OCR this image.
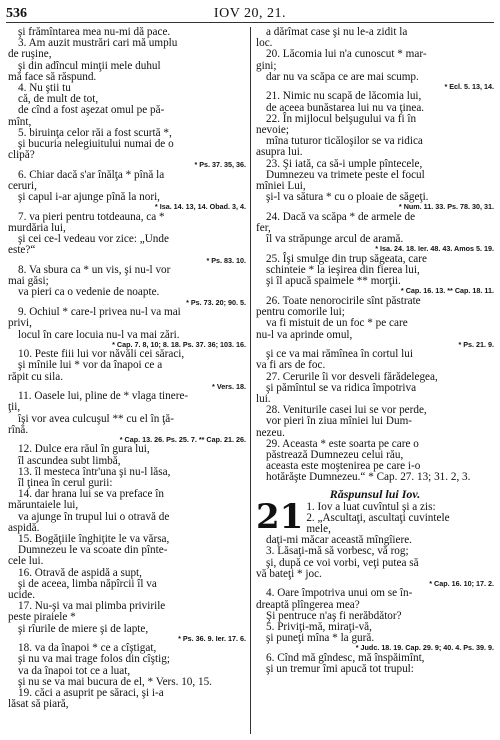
536	IOV 20, 21.
şi frămîntarea mea nu-mi dă pace.
3. Am auzit mustrări cari mă umplu
de ruşine,
şi din adîncul minţii mele duhul
mă face să răspund.
4. Nu ştii tu
că, de mult de tot,
de cînd a fost aşezat omul pe pă-
mînt,
5. biruinţa celor răi a fost scurtă *,
şi bucuria nelegiuitului numai de o
clipă?
* Ps. 37. 35, 36.
6. Chiar dacă s'ar înălţa * pînă la
ceruri,
şi capul i-ar ajunge pînă la nori,
* Isa. 14. 13, 14. Obad. 3, 4.
7. va pieri pentru totdeauna, ca *
murdăria lui,
şi cei ce-l vedeau vor zice: „Unde
este?“
* Ps. 83. 10.
8. Va sbura ca * un vis, şi nu-l vor
mai găsi;
va pieri ca o vedenie de noapte.
* Ps. 73. 20; 90. 5.
9. Ochiul * care-l privea nu-l va mai
privi,
locul în care locuia nu-l va mai zări.
* Cap. 7. 8, 10; 8. 18. Ps. 37. 36; 103. 16.
10. Peste fiii lui vor năvăli cei săraci,
şi mînile lui * vor da înapoi ce a
răpit cu sila.
* Vers. 18.
11. Oasele lui, pline de * vlaga tinere-
ţii,
îşi vor avea culcuşul ** cu el în ţă-
rînă.
* Cap. 13. 26. Ps. 25. 7. ** Cap. 21. 26.
12. Dulce era răul în gura lui,
îl ascundea subt limbă,
13. îl mesteca într'una şi nu-l lăsa,
îl ţinea în cerul gurii:
14. dar hrana lui se va preface în
măruntaiele lui,
va ajunge în trupul lui o otravă de
aspidă.
15. Bogăţiile înghiţite le va vărsa,
Dumnezeu le va scoate din pînte-
cele lui.
16. Otravă de aspidă a supt,
şi de aceea, limba năpîrcii îl va
ucide.
17. Nu-şi va mai plimba privirile
peste piraiele *
şi rîurile de miere şi de lapte,
* Ps. 36. 9. Ier. 17. 6.
18. va da înapoi * ce a cîştigat,
şi nu va mai trage folos din cîştig;
va da înapoi tot ce a luat,
şi nu se va mai bucura de el, * Vers. 10, 15.
19. căci a asuprit pe săraci, şi i-a
lăsat să piară,
a dărîmat case şi nu le-a zidit la
loc.
20. Lăcomia lui n'a cunoscut * mar-
gini;
dar nu va scăpa ce are mai scump.
* Ecl. 5. 13, 14.
21. Nimic nu scapă de lăcomia lui,
de aceea bunăstarea lui nu va ţinea.
22. În mijlocul belşugului va fi în
nevoie;
mîna tuturor ticăloşilor se va ridica
asupra lui.
23. Şi iată, ca să-i umple pîntecele,
Dumnezeu va trimete peste el focul
mîniei Lui,
şi-l va sătura * cu o ploaie de săgeţi.
* Num. 11. 33. Ps. 78. 30, 31.
24. Dacă va scăpa * de armele de
fer,
îl va străpunge arcul de aramă.
* Isa. 24. 18. Ier. 48. 43. Amos 5. 19.
25. Îşi smulge din trup săgeata, care
schinteie * la ieşirea din fierea lui,
şi îl apucă spaimele ** morţii.
* Cap. 16. 13. ** Cap. 18. 11.
26. Toate nenorocirile sînt păstrate
pentru comorile lui;
va fi mistuit de un foc * pe care
nu-l va aprinde omul,
* Ps. 21. 9.
şi ce va mai rămînea în cortul lui
va fi ars de foc.
27. Cerurile îi vor desveli fărădelegea,
şi pămîntul se va ridica împotriva
lui.
28. Veniturile casei lui se vor perde,
vor pieri în ziua mîniei lui Dum-
nezeu.
29. Aceasta * este soarta pe care o
păstrează Dumnezeu celui rău,
aceasta este moştenirea pe care i-o
hotărăşte Dumnezeu.“ * Cap. 27. 13; 31. 2, 3.
Răspunsul lui Iov.
21 1. Iov a luat cuvîntul şi a zis:
2. „Ascultaţi, ascultaţi cuvintele
mele,
daţi-mi măcar această mîngîiere.
3. Lăsaţi-mă să vorbesc, vă rog;
şi, după ce voi vorbi, veţi putea să
vă bateţi * joc.
* Cap. 16. 10; 17. 2.
4. Oare împotriva unui om se în-
dreaptă plîngerea mea?
Şi pentruce n'aş fi nerăbdător?
5. Priviţi-mă, miraţi-vă,
şi puneţi mîna * la gură.
* Judc. 18. 19. Cap. 29. 9; 40. 4. Ps. 39. 9.
6. Cînd mă gîndesc, mă înspăimînt,
şi un tremur îmi apucă tot trupul:
